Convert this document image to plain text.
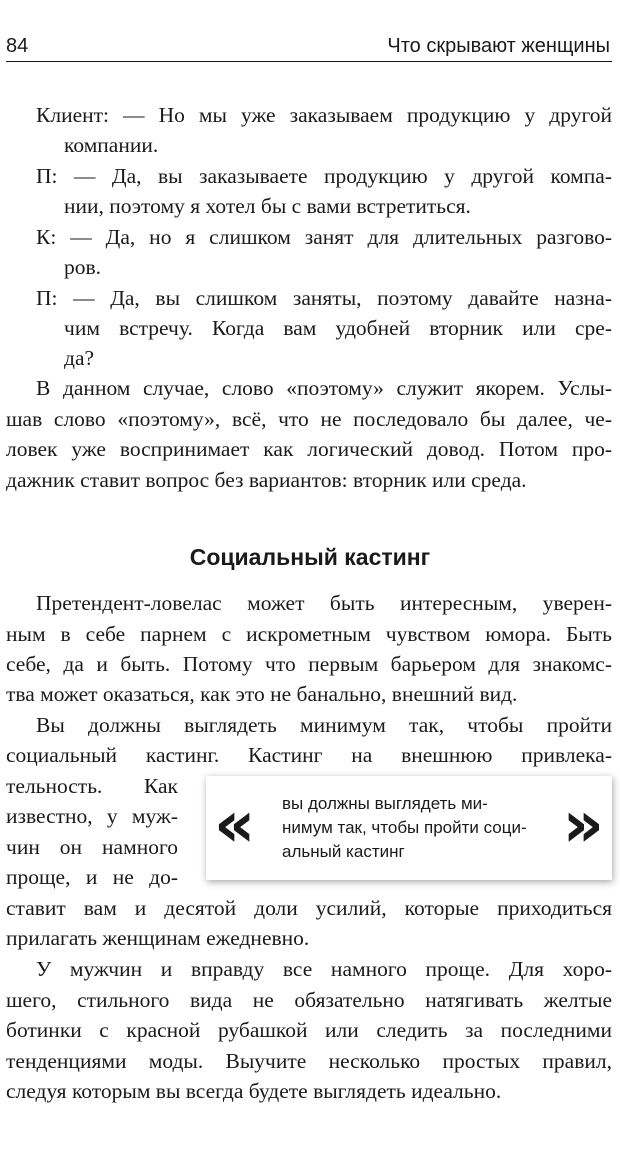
84	Что скрывают женщины
Клиент: — Но мы уже заказываем продукцию у другой
компании.
П: — Да, вы заказываете продукцию у другой компа-
нии, поэтому я хотел бы с вами встретиться.
К: — Да, но я слишком занят для длительных разгово-
ров.
П: — Да, вы слишком заняты, поэтому давайте назна-
чим встречу. Когда вам удобней вторник или сре-
да?
В данном случае, слово «поэтому» служит якорем. Услы-
шав слово «поэтому», всё, что не последовало бы далее, че-
ловек уже воспринимает как логический довод. Потом про-
дажник ставит вопрос без вариантов: вторник или среда.
Социальный кастинг
Претендент-ловелас может быть интересным, уверен-
ным в себе парнем с искрометным чувством юмора. Быть
себе, да и быть. Потому что первым барьером для знакомс-
тва может оказаться, как это не банально, внешний вид.
Вы должны выглядеть минимум так, чтобы пройти
социальный кастинг. Кастинг на внешнюю привлека-
тельность. Как
известно, у муж-
чин он намного
проще, и не до-
ставит вам и десятой доли усилий, которые приходиться
прилагать женщинам ежедневно.
« вы должны выглядеть ми-
нимум так, чтобы пройти соци-
альный кастинг	»
У мужчин и вправду все намного проще. Для хоро-
шего, стильного вида не обязательно натягивать желтые
ботинки с красной рубашкой или следить за последними
тенденциями моды. Выучите несколько простых правил,
следуя которым вы всегда будете выглядеть идеально.
